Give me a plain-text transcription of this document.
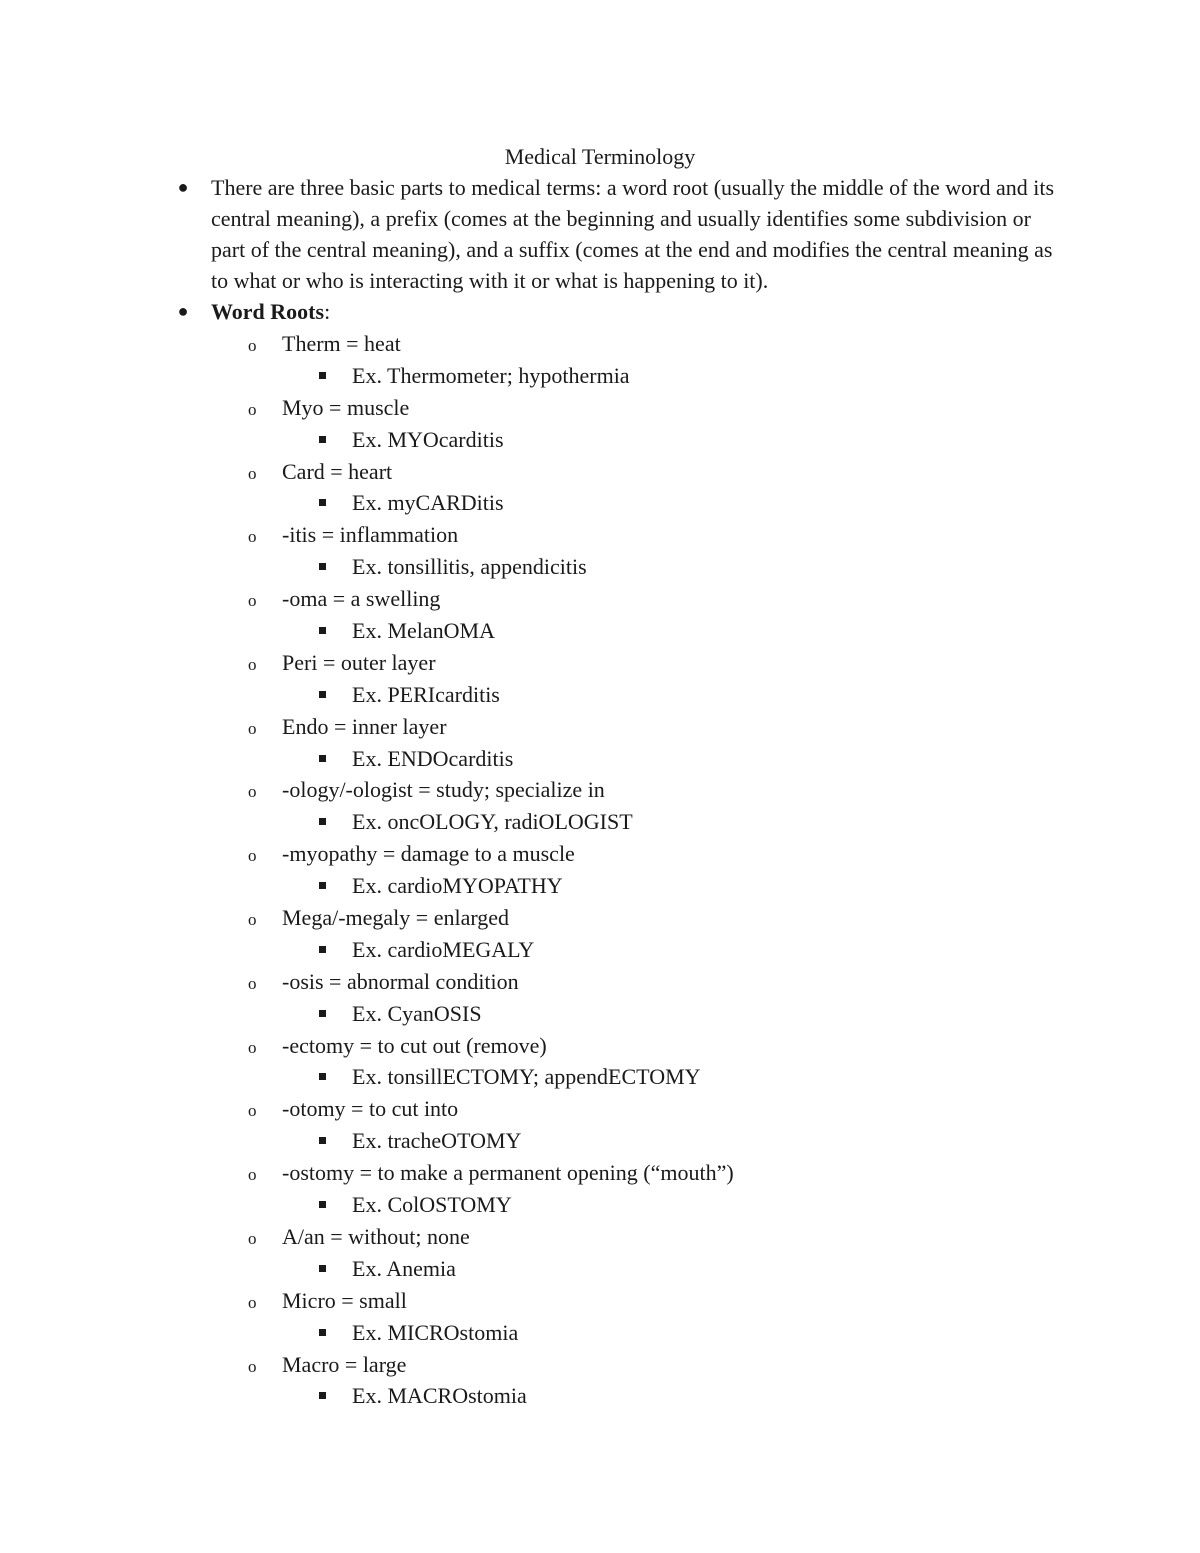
Medical Terminology
● There are three basic parts to medical terms: a word root (usually the middle of the word and its central meaning), a prefix (comes at the beginning and usually identifies some subdivision or part of the central meaning), and a suffix (comes at the end and modifies the central meaning as to what or who is interacting with it or what is happening to it).
● Word Roots:
o Therm = heat
Ex. Thermometer; hypothermia
o Myo = muscle
Ex. MYOcarditis
o Card = heart
Ex. myCARDitis
o -itis = inflammation
Ex. tonsillitis, appendicitis
o -oma = a swelling
Ex. MelanOMA
o Peri = outer layer
Ex. PERIcarditis
o Endo = inner layer
Ex. ENDOcarditis
o -ology/-ologist = study; specialize in
Ex. oncOLOGY, radiOLOGIST
o -myopathy = damage to a muscle
Ex. cardioMYOPATHY
o Mega/-megaly = enlarged
Ex. cardioMEGALY
o -osis = abnormal condition
Ex. CyanOSIS
o -ectomy = to cut out (remove)
Ex. tonsillECTOMY; appendECTOMY
o -otomy = to cut into
Ex. tracheOTOMY
o -ostomy = to make a permanent opening (“mouth”)
Ex. ColOSTOMY
o A/an = without; none
Ex. Anemia
o Micro = small
Ex. MICROstomia
o Macro = large
Ex. MACROstomia
